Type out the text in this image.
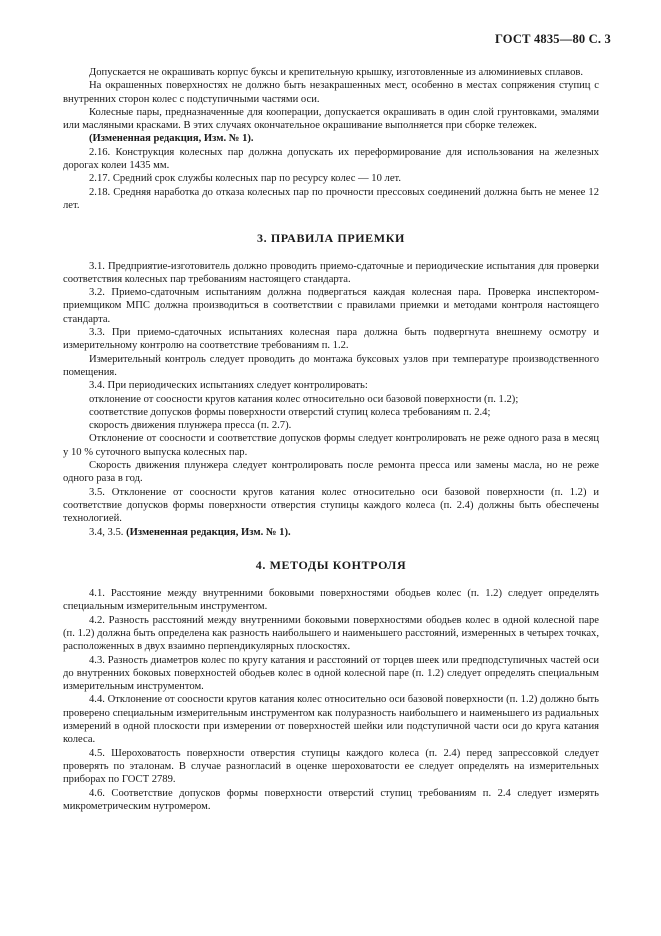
ГОСТ 4835—80 С. 3

Допускается не окрашивать корпус буксы и крепительную крышку, изготовленные из алюминиевых сплавов.

На окрашенных поверхностях не должно быть незакрашенных мест, особенно в местах сопряжения ступиц с внутренних сторон колес с подступичными частями оси.

Колесные пары, предназначенные для кооперации, допускается окрашивать в один слой грунтовками, эмалями или масляными красками. В этих случаях окончательное окрашивание выполняется при сборке тележек.

(Измененная редакция, Изм. № 1).

2.16. Конструкция колесных пар должна допускать их переформирование для использования на железных дорогах колеи 1435 мм.

2.17. Средний срок службы колесных пар по ресурсу колес — 10 лет.

2.18. Средняя наработка до отказа колесных пар по прочности прессовых соединений должна быть не менее 12 лет.

3. ПРАВИЛА ПРИЕМКИ

3.1. Предприятие-изготовитель должно проводить приемо-сдаточные и периодические испытания для проверки соответствия колесных пар требованиям настоящего стандарта.

3.2. Приемо-сдаточным испытаниям должна подвергаться каждая колесная пара. Проверка инспектором-приемщиком МПС должна производиться в соответствии с правилами приемки и методами контроля настоящего стандарта.

3.3. При приемо-сдаточных испытаниях колесная пара должна быть подвергнута внешнему осмотру и измерительному контролю на соответствие требованиям п. 1.2.

Измерительный контроль следует проводить до монтажа буксовых узлов при температуре производственного помещения.

3.4. При периодических испытаниях следует контролировать:

отклонение от соосности кругов катания колес относительно оси базовой поверхности (п. 1.2);

соответствие допусков формы поверхности отверстий ступиц колеса требованиям п. 2.4;

скорость движения плунжера пресса (п. 2.7).

Отклонение от соосности и соответствие допусков формы следует контролировать не реже одного раза в месяц у 10 % суточного выпуска колесных пар.

Скорость движения плунжера следует контролировать после ремонта пресса или замены масла, но не реже одного раза в год.

3.5. Отклонение от соосности кругов катания колес относительно оси базовой поверхности (п. 1.2) и соответствие допусков формы поверхности отверстия ступицы каждого колеса (п. 2.4) должны быть обеспечены технологией.

3.4, 3.5. (Измененная редакция, Изм. № 1).

4. МЕТОДЫ КОНТРОЛЯ

4.1. Расстояние между внутренними боковыми поверхностями ободьев колес (п. 1.2) следует определять специальным измерительным инструментом.

4.2. Разность расстояний между внутренними боковыми поверхностями ободьев колес в одной колесной паре (п. 1.2) должна быть определена как разность наибольшего и наименьшего расстояний, измеренных в четырех точках, расположенных в двух взаимно перпендикулярных плоскостях.

4.3. Разность диаметров колес по кругу катания и расстояний от торцев шеек или предподступичных частей оси до внутренних боковых поверхностей ободьев колес в одной колесной паре (п. 1.2) следует определять специальным измерительным инструментом.

4.4. Отклонение от соосности кругов катания колес относительно оси базовой поверхности (п. 1.2) должно быть проверено специальным измерительным инструментом как полуразность наибольшего и наименьшего из радиальных измерений в одной плоскости при измерении от поверхностей шейки или подступичной части оси до круга катания колеса.

4.5. Шероховатость поверхности отверстия ступицы каждого колеса (п. 2.4) перед запрессовкой следует проверять по эталонам. В случае разногласий в оценке шероховатости ее следует определять на измерительных приборах по ГОСТ 2789.

4.6. Соответствие допусков формы поверхности отверстий ступиц требованиям п. 2.4 следует измерять микрометрическим нутромером.
